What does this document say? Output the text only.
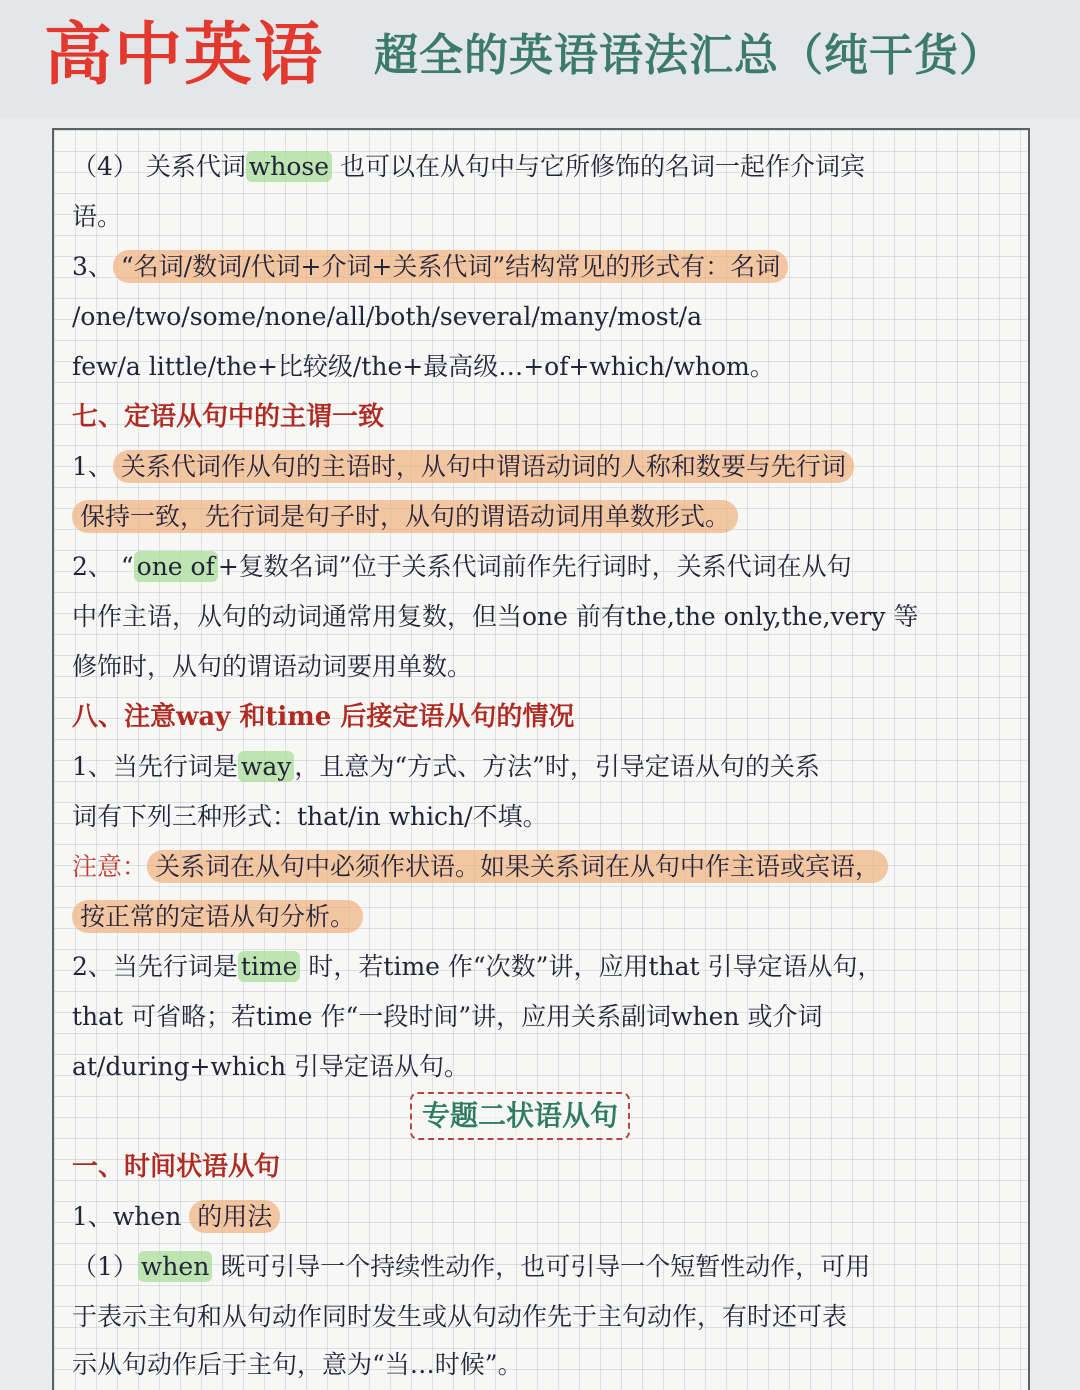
高中英语 超全的英语语法汇总（纯干货）
（4） 关系代词 whose 也可以在从句中与它所修饰的名词一起作介词宾
语。
3、 “名词/数词/代词+介词+关系代词”结构常见的形式有：名词
/one/two/some/none/all/both/several/many/most/a
few/a little/the+比较级/the+最高级…+of+which/whom。
七、定语从句中的主谓一致
1、 关系代词作从句的主语时，从句中谓语动词的人称和数要与先行词
保持一致，先行词是句子时，从句的谓语动词用单数形式。
2、 “ one of +复数名词”位于关系代词前作先行词时，关系代词在从句
中作主语，从句的动词通常用复数，但当one 前有the,the only,the,very 等
修饰时，从句的谓语动词要用单数。
八、注意way 和time 后接定语从句的情况
1、当先行词是 way ，且意为“方式、方法”时，引导定语从句的关系
词有下列三种形式：that/in which/不填。
注意： 关系词在从句中必须作状语。如果关系词在从句中作主语或宾语，
按正常的定语从句分析。
2、当先行词是 time 时，若time 作“次数”讲，应用that 引导定语从句，
that 可省略；若time 作“一段时间”讲，应用关系副词when 或介词
at/during+which 引导定语从句。
专题二状语从句
一、时间状语从句
1、when 的用法
（1） when 既可引导一个持续性动作，也可引导一个短暂性动作，可用
于表示主句和从句动作同时发生或从句动作先于主句动作，有时还可表
示从句动作后于主句，意为“当…时候”。
